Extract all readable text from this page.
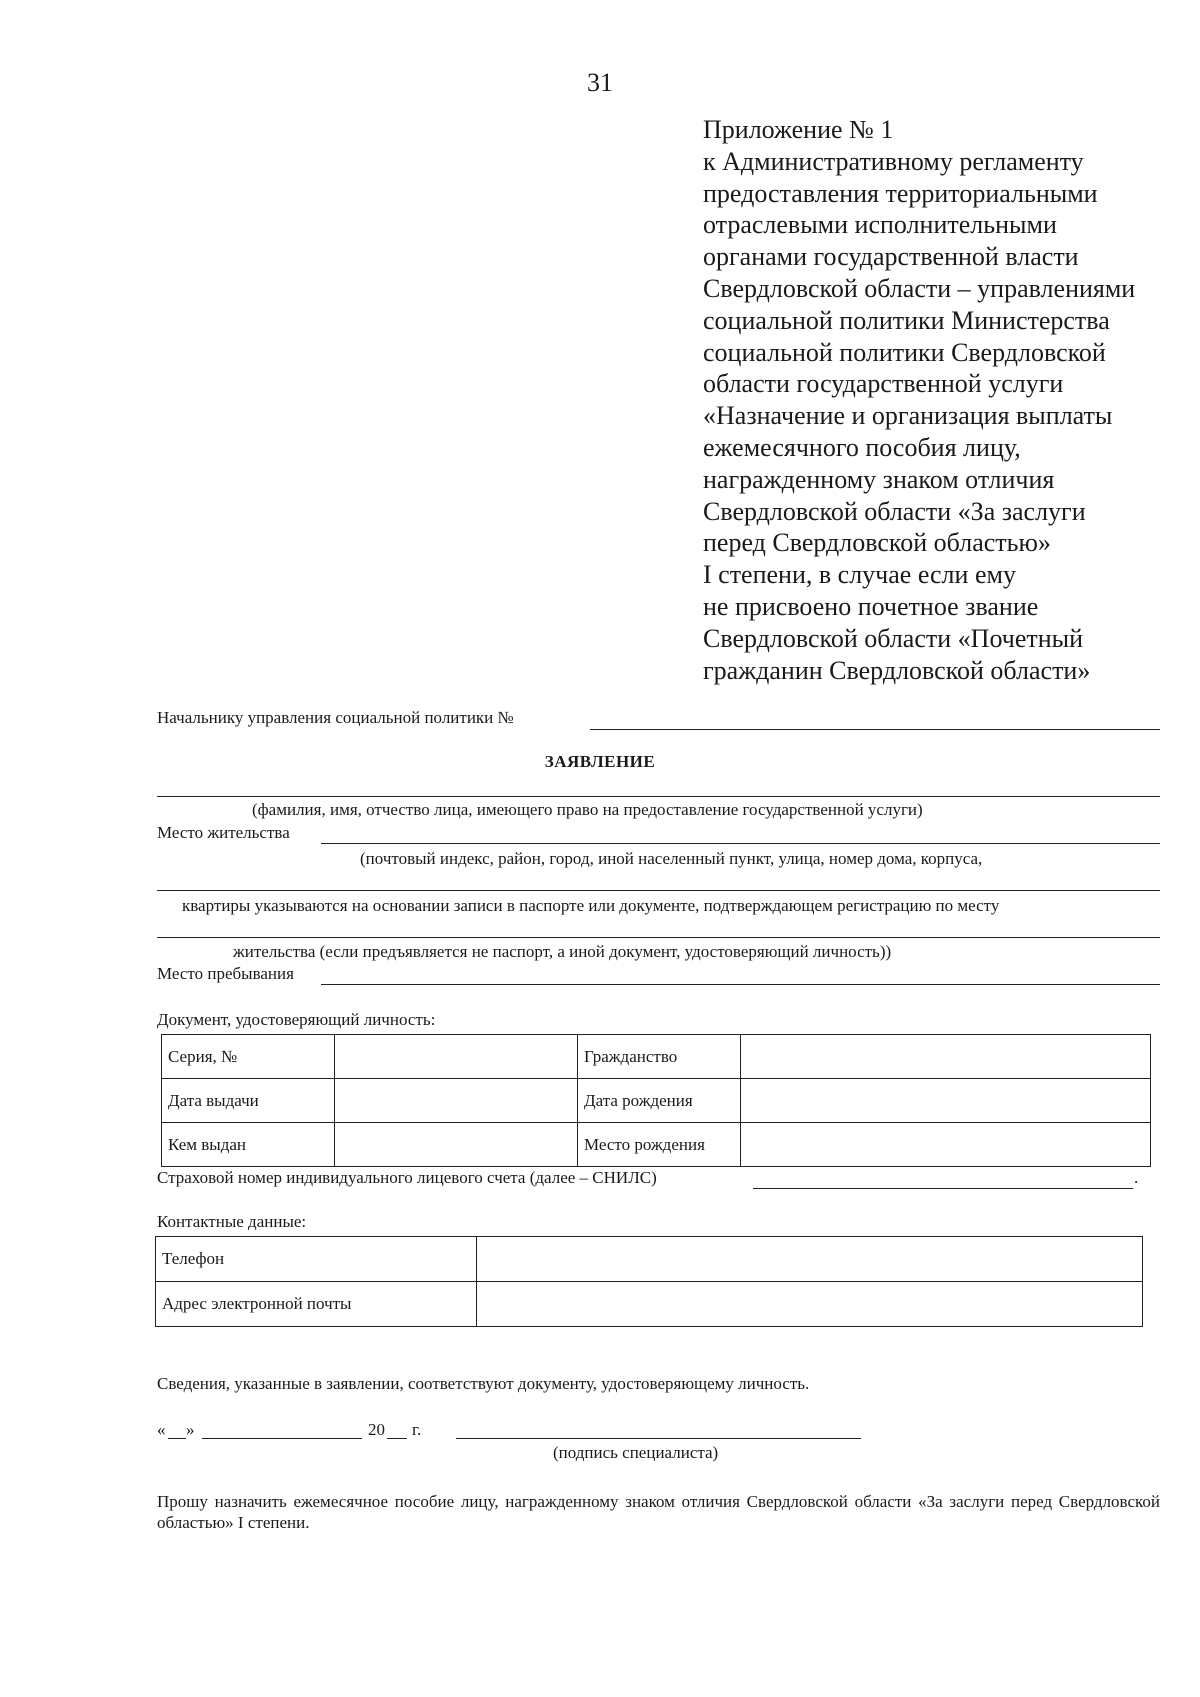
31
Приложение № 1
к Административному регламенту
предоставления территориальными
отраслевыми исполнительными
органами государственной власти
Свердловской области – управлениями
социальной политики Министерства
социальной политики Свердловской
области государственной услуги
«Назначение и организация выплаты
ежемесячного пособия лицу,
награжденному знаком отличия
Свердловской области «За заслуги
перед Свердловской областью»
I степени, в случае если ему
не присвоено почетное звание
Свердловской области «Почетный
гражданин Свердловской области»
Начальнику управления социальной политики №
ЗАЯВЛЕНИЕ
(фамилия, имя, отчество лица, имеющего право на предоставление государственной услуги)
Место жительства
(почтовый индекс, район, город, иной населенный пункт, улица, номер дома, корпуса,
квартиры указываются на основании записи в паспорте или документе, подтверждающем регистрацию по месту
жительства (если предъявляется не паспорт, а иной документ, удостоверяющий личность))
Место пребывания
Документ, удостоверяющий личность:
Серия, №		Гражданство	
Дата выдачи		Дата рождения	
Кем выдан		Место рождения	
Страховой номер индивидуального лицевого счета (далее – СНИЛС)	.
Контактные данные:
Телефон	
Адрес электронной почты	
Сведения, указанные в заявлении, соответствуют документу, удостоверяющему личность.
« »	20 г.
(подпись специалиста)
Прошу назначить ежемесячное пособие лицу, награжденному знаком отличия Свердловской области «За заслуги перед Свердловской областью» I степени.
